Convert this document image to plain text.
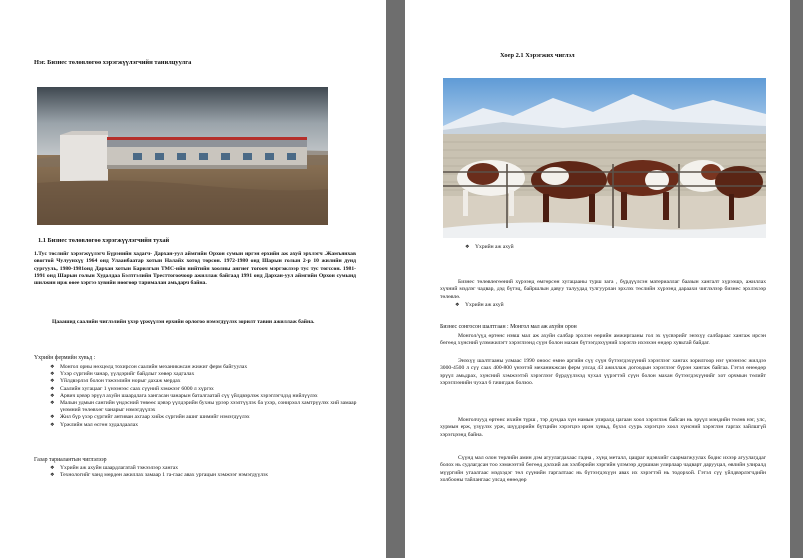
Нэг. Бизнес төлөвлөгөө хэрэгжүүлэгчийн танилцуулга
1.1 Бизнес төлөвлөгөө хэрэгжүүлэгчийн тухай
1.Туc төслийг хэрэгжүүлэгч Бүрэнийн хадагч- Дархан-уул аймгийн Орхон сумын иргэн ерхийн аж ахуй эрхлэгч .Жамъянхав овогтой Чулуунхүү 1964 онд Улаанбаатар хотын Налайх хотод төрсөн. 1972-1980 онд Шарын голын 2-р 10 жилийн дунд сургууль, 1980-1981онд Дархан хотын Барилгын ТМС-ийн нийтийн хоолны ангиег тогооч мэргэжлээр туc тус төгссөн. 1981-1991 онд Шарын голын Худалдаа Бэлтгэлийн Тресттогоочоор ажиллаж байгаад 1991 онд Дархан-уул аймгийн Орхон сумынд шилжин ирж өөее хэргээ хувийн нөөгөөр тарималан амьдарч байна.
Цааашид саалийн чиглэлийн үхэр үржүүлэн ерхийн орлогоо нэмэгдүүлэх зорилт тавин ажиллаж байна.
Үхрийн фермийн хувьд :
❖ Монгол орны нөхцөлд тохирсон саалийн механикжсан жижиг ферм байгуулах
❖ Үхэр сүргийн чанар, үүлдэрийг байдлыг хөвөр хадгалах
❖ Үйлдвэрлэл болон тэжээлийн норыг дахаж мердах
❖ Саалийн хугацааг 1 үнээнээс саах сүүний хэмжээг 6000 л хүргэх
❖ Арвич цэвэр эрүүл ахуйн шаардлага хангасан чанарын баталгаатай сүү үйлдвэрлэж хэрэглэгчдэд нийлүүлэх
❖ Малын удмын сангийн үндэсний төвөөс цэвэр үүлдэрийн бухны үрээр хээлтүүлэх ба үхэр, сонирхол хамтрүүлэх хий замаар үнэмний төлөвхөг чанарыг нэмэгдүүлэх
❖ Жил бүр үхэр сүргийг антиван ахгаар хийж сүргийн ашиг шимийг нэмэгдүүлэх
❖ Үржлийн мал өсгөн худалдаалах
Газар тариалантын чиглэлээр
❖ Үхрийн аж ахуйн шаардлагатай тэжээлээр хангах
❖ Технологийг чанд мөрдөн ажиллах замаар 1 га-гаас авах ургацын хэмжээг нэмэгдүүлэх
Хоер 2.1 Хэрэгжих чиглэл
❖ Үхрийн аж ахуй
Бизнес төлөвлөгөөний хүрээнд өмгөрсөн хугацааны турш зага , бүрдүүлсэн материаллаг баазын хангалт хүрээщэ, ажиллах хүчний мэдлэг чадвар, дэд бүтэц, байршлын давуу талуудад тулгуурлан эрхлэх төслийн хүрээнд дараахи чиглэлээр бизнес эрхлэхээр төлөвлө.
❖ Үхрийн аж ахуй
Бизнес сонгосон шалтгаан : Монгол мал аж ахуйн орон
Монгол/үүд өртөнс нэвш мал аж ахуйн салбар эрхлэн өөрийн амжиргааны гол эх үүсвэрийг энэхүү салбараас хангаж ирсэн бөгөөд хүнсний үлэмжилэгт хэрэглээнд сүүн болон махан бүтээгдэхүүний хэрэглэ ихээхэн өндөр хувьтай байдаг.
Энэхүү шалтгааны улмаас 1990 оноос өмнө аргийн сүү сүүн бүтээгдэхүүний хэрэглээг хангах зорилгоор нэг үнээнээс жилдээ 3000-4500 л сүү саах 400-800 үнээтэй механикжсан ферм улсад 43 ажиллаж догоодын хэрэглээг бүрэн хангаж байгаа. Гэтэл өнөөдөр эрүүл амьдрах, хүнсний хэмжээтэй хэрэглээг бүрдүүлэхэд чухал үүрэгтэй сүүн болон махан бүтээгдэхүүнийг хот орчмын төлийт хэрэглээнийн чухал 6 гачигдаж болзоо.
Монголчууд өртөнс ихийн түрш , тэр дундаа хүн намын улиралд цагаан хоол хэрэглэж байсан нь эрүүл мэндийн төлөв нэг, улс, хурмын ерж, үзүүлэх урж, шүүдэрийн бүтцийн хэрэгцээ ирэн хувьд, бүхэл суурь хэрэгцээ хоол хүнсний хэрэглэн гаргах зайлшгүй хэрэгцээнд байна.
Сүүнд мал олон төрлийн амин дэм агуулагдахаас гадна , хүнд металл, цацраг идэвхийг саармагжуулах бодис ихээр агуулагддаг болох нь судлагдсан тоо хэмжээтэй бөгөөд дэлхий аж хэлбэрийн хэргийн үлэмээр дуршиан улирлаар чадварт дарууцал, өвлийн улиралд мүүргийн угаалгаас мэдхэдэг төл сүүнийн гаргалтаас нь бүтээгдэхүүн авах их хэрэгтэй нь тодорхой. Гэтэл сүү үйлдвэрлэгчдийн холбооны тайлангаас улсад өнөөдөр
